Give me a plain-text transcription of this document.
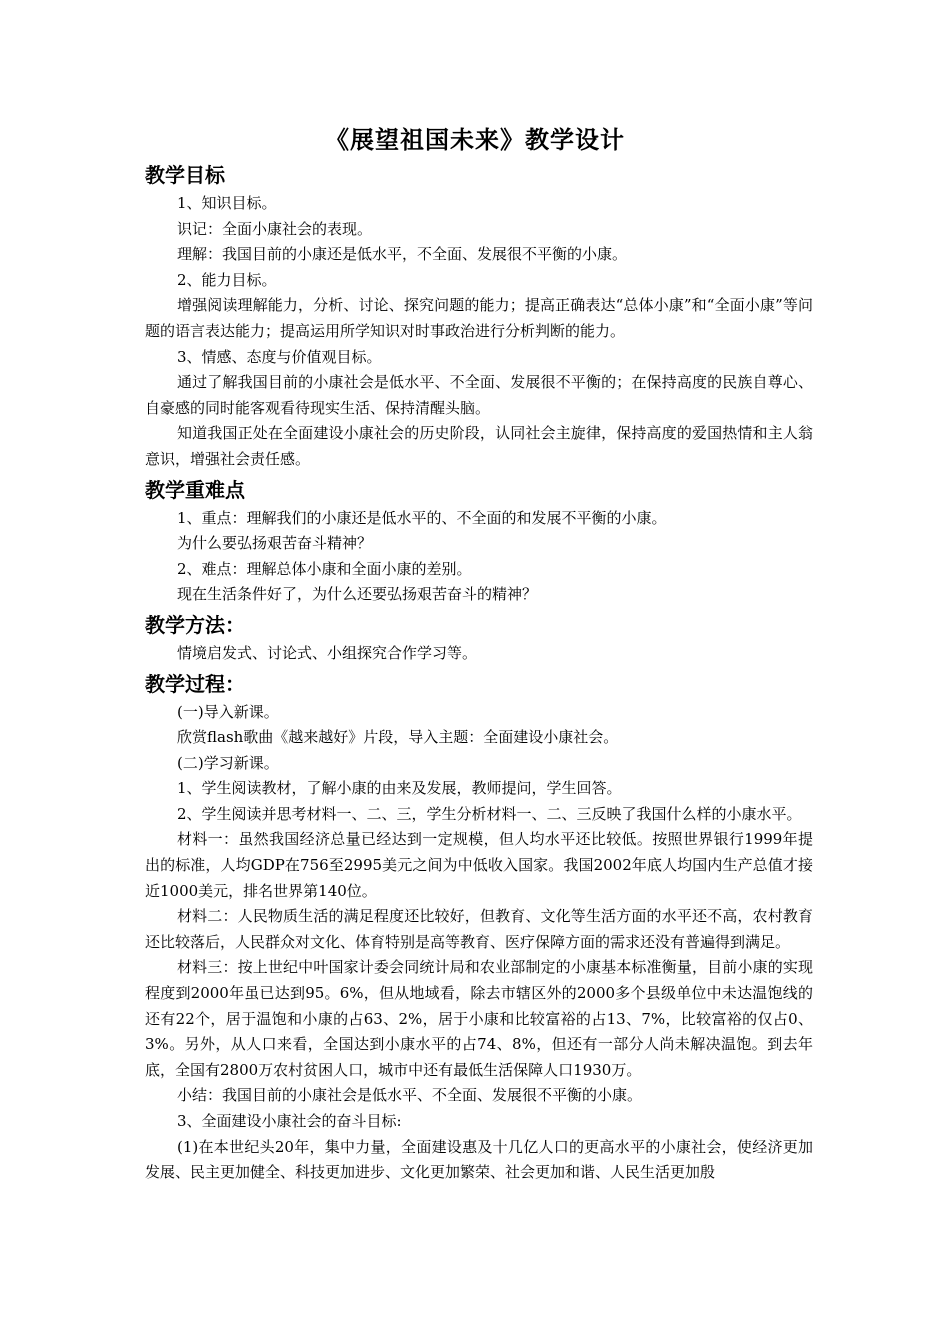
《展望祖国未来》教学设计
教学目标

1、知识目标。

识记：全面小康社会的表现。

理解：我国目前的小康还是低水平，不全面、发展很不平衡的小康。

2、能力目标。

增强阅读理解能力，分析、讨论、探究问题的能力；提高正确表达“总体小康”和“全面小康”等问题的语言表达能力；提高运用所学知识对时事政治进行分析判断的能力。

3、情感、态度与价值观目标。

通过了解我国目前的小康社会是低水平、不全面、发展很不平衡的；在保持高度的民族自尊心、自豪感的同时能客观看待现实生活、保持清醒头脑。

知道我国正处在全面建设小康社会的历史阶段，认同社会主旋律，保持高度的爱国热情和主人翁意识，增强社会责任感。

教学重难点

1、重点：理解我们的小康还是低水平的、不全面的和发展不平衡的小康。

为什么要弘扬艰苦奋斗精神？

2、难点：理解总体小康和全面小康的差别。

现在生活条件好了，为什么还要弘扬艰苦奋斗的精神？

教学方法：

情境启发式、讨论式、小组探究合作学习等。

教学过程：

(一)导入新课。

欣赏flash歌曲《越来越好》片段，导入主题：全面建设小康社会。

(二)学习新课。

1、学生阅读教材，了解小康的由来及发展，教师提问，学生回答。

2、学生阅读并思考材料一、二、三，学生分析材料一、二、三反映了我国什么样的小康水平。

材料一：虽然我国经济总量已经达到一定规模，但人均水平还比较低。按照世界银行1999年提出的标准，人均GDP在756至2995美元之间为中低收入国家。我国2002年底人均国内生产总值才接近1000美元，排名世界第140位。

材料二：人民物质生活的满足程度还比较好，但教育、文化等生活方面的水平还不高，农村教育还比较落后，人民群众对文化、体育特别是高等教育、医疗保障方面的需求还没有普遍得到满足。

材料三：按上世纪中叶国家计委会同统计局和农业部制定的小康基本标准衡量，目前小康的实现程度到2000年虽已达到95。6%，但从地域看，除去市辖区外的2000多个县级单位中未达温饱线的还有22个，居于温饱和小康的占63、2%，居于小康和比较富裕的占13、7%，比较富裕的仅占0、3%。另外，从人口来看，全国达到小康水平的占74、8%，但还有一部分人尚未解决温饱。到去年底，全国有2800万农村贫困人口，城市中还有最低生活保障人口1930万。

小结：我国目前的小康社会是低水平、不全面、发展很不平衡的小康。

3、全面建设小康社会的奋斗目标:

(1)在本世纪头20年，集中力量，全面建设惠及十几亿人口的更高水平的小康社会，使经济更加发展、民主更加健全、科技更加进步、文化更加繁荣、社会更加和谐、人民生活更加殷
